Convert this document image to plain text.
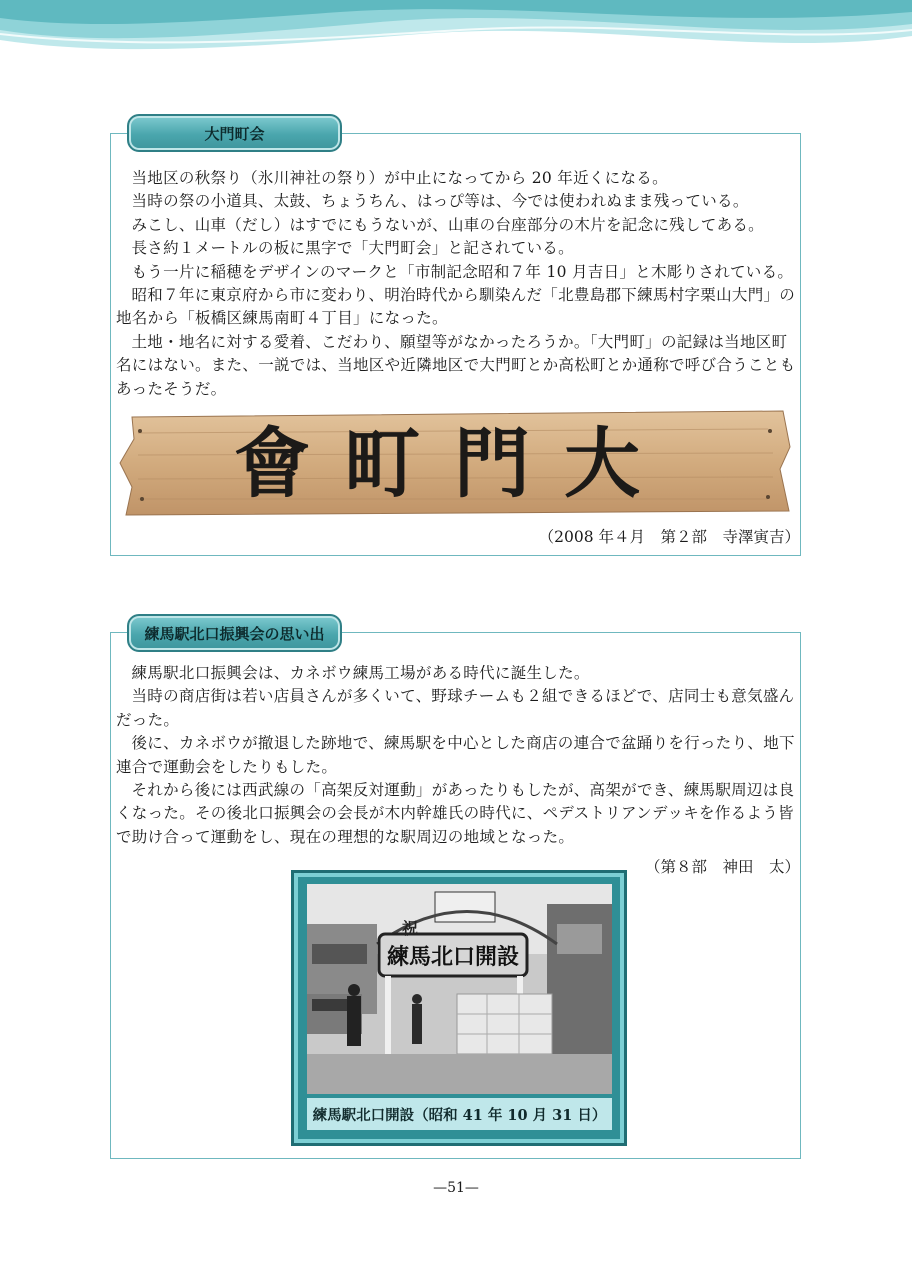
大門町会

当地区の秋祭り（氷川神社の祭り）が中止になってから 20 年近くになる。

当時の祭の小道具、太鼓、ちょうちん、はっぴ等は、今では使われぬまま残っている。

みこし、山車（だし）はすでにもうないが、山車の台座部分の木片を記念に残してある。

長さ約１メートルの板に黒字で「大門町会」と記されている。

もう一片に稲穂をデザインのマークと「市制記念昭和７年 10 月吉日」と木彫りされている。

昭和７年に東京府から市に変わり、明治時代から馴染んだ「北豊島郡下練馬村字栗山大門」の地名から「板橋区練馬南町４丁目」になった。

土地・地名に対する愛着、こだわり、願望等がなかったろうか。「大門町」の記録は当地区町名にはない。また、一説では、当地区や近隣地区で大門町とか高松町とか通称で呼び合うこともあったそうだ。

會町門大
（2008 年４月　第２部　寺澤寅吉）
練馬駅北口振興会の思い出

練馬駅北口振興会は、カネボウ練馬工場がある時代に誕生した。

当時の商店街は若い店員さんが多くいて、野球チームも２組できるほどで、店同士も意気盛んだった。

後に、カネボウが撤退した跡地で、練馬駅を中心とした商店の連合で盆踊りを行ったり、地下連合で運動会をしたりもした。

それから後には西武線の「高架反対運動」があったりもしたが、高架ができ、練馬駅周辺は良くなった。その後北口振興会の会長が木内幹雄氏の時代に、ペデストリアンデッキを作るよう皆で助け合って運動をし、現在の理想的な駅周辺の地域となった。

（第８部　神田　太）
祝
練馬北口開設
練馬駅北口開設（昭和 41 年 10 月 31 日）
—51—
